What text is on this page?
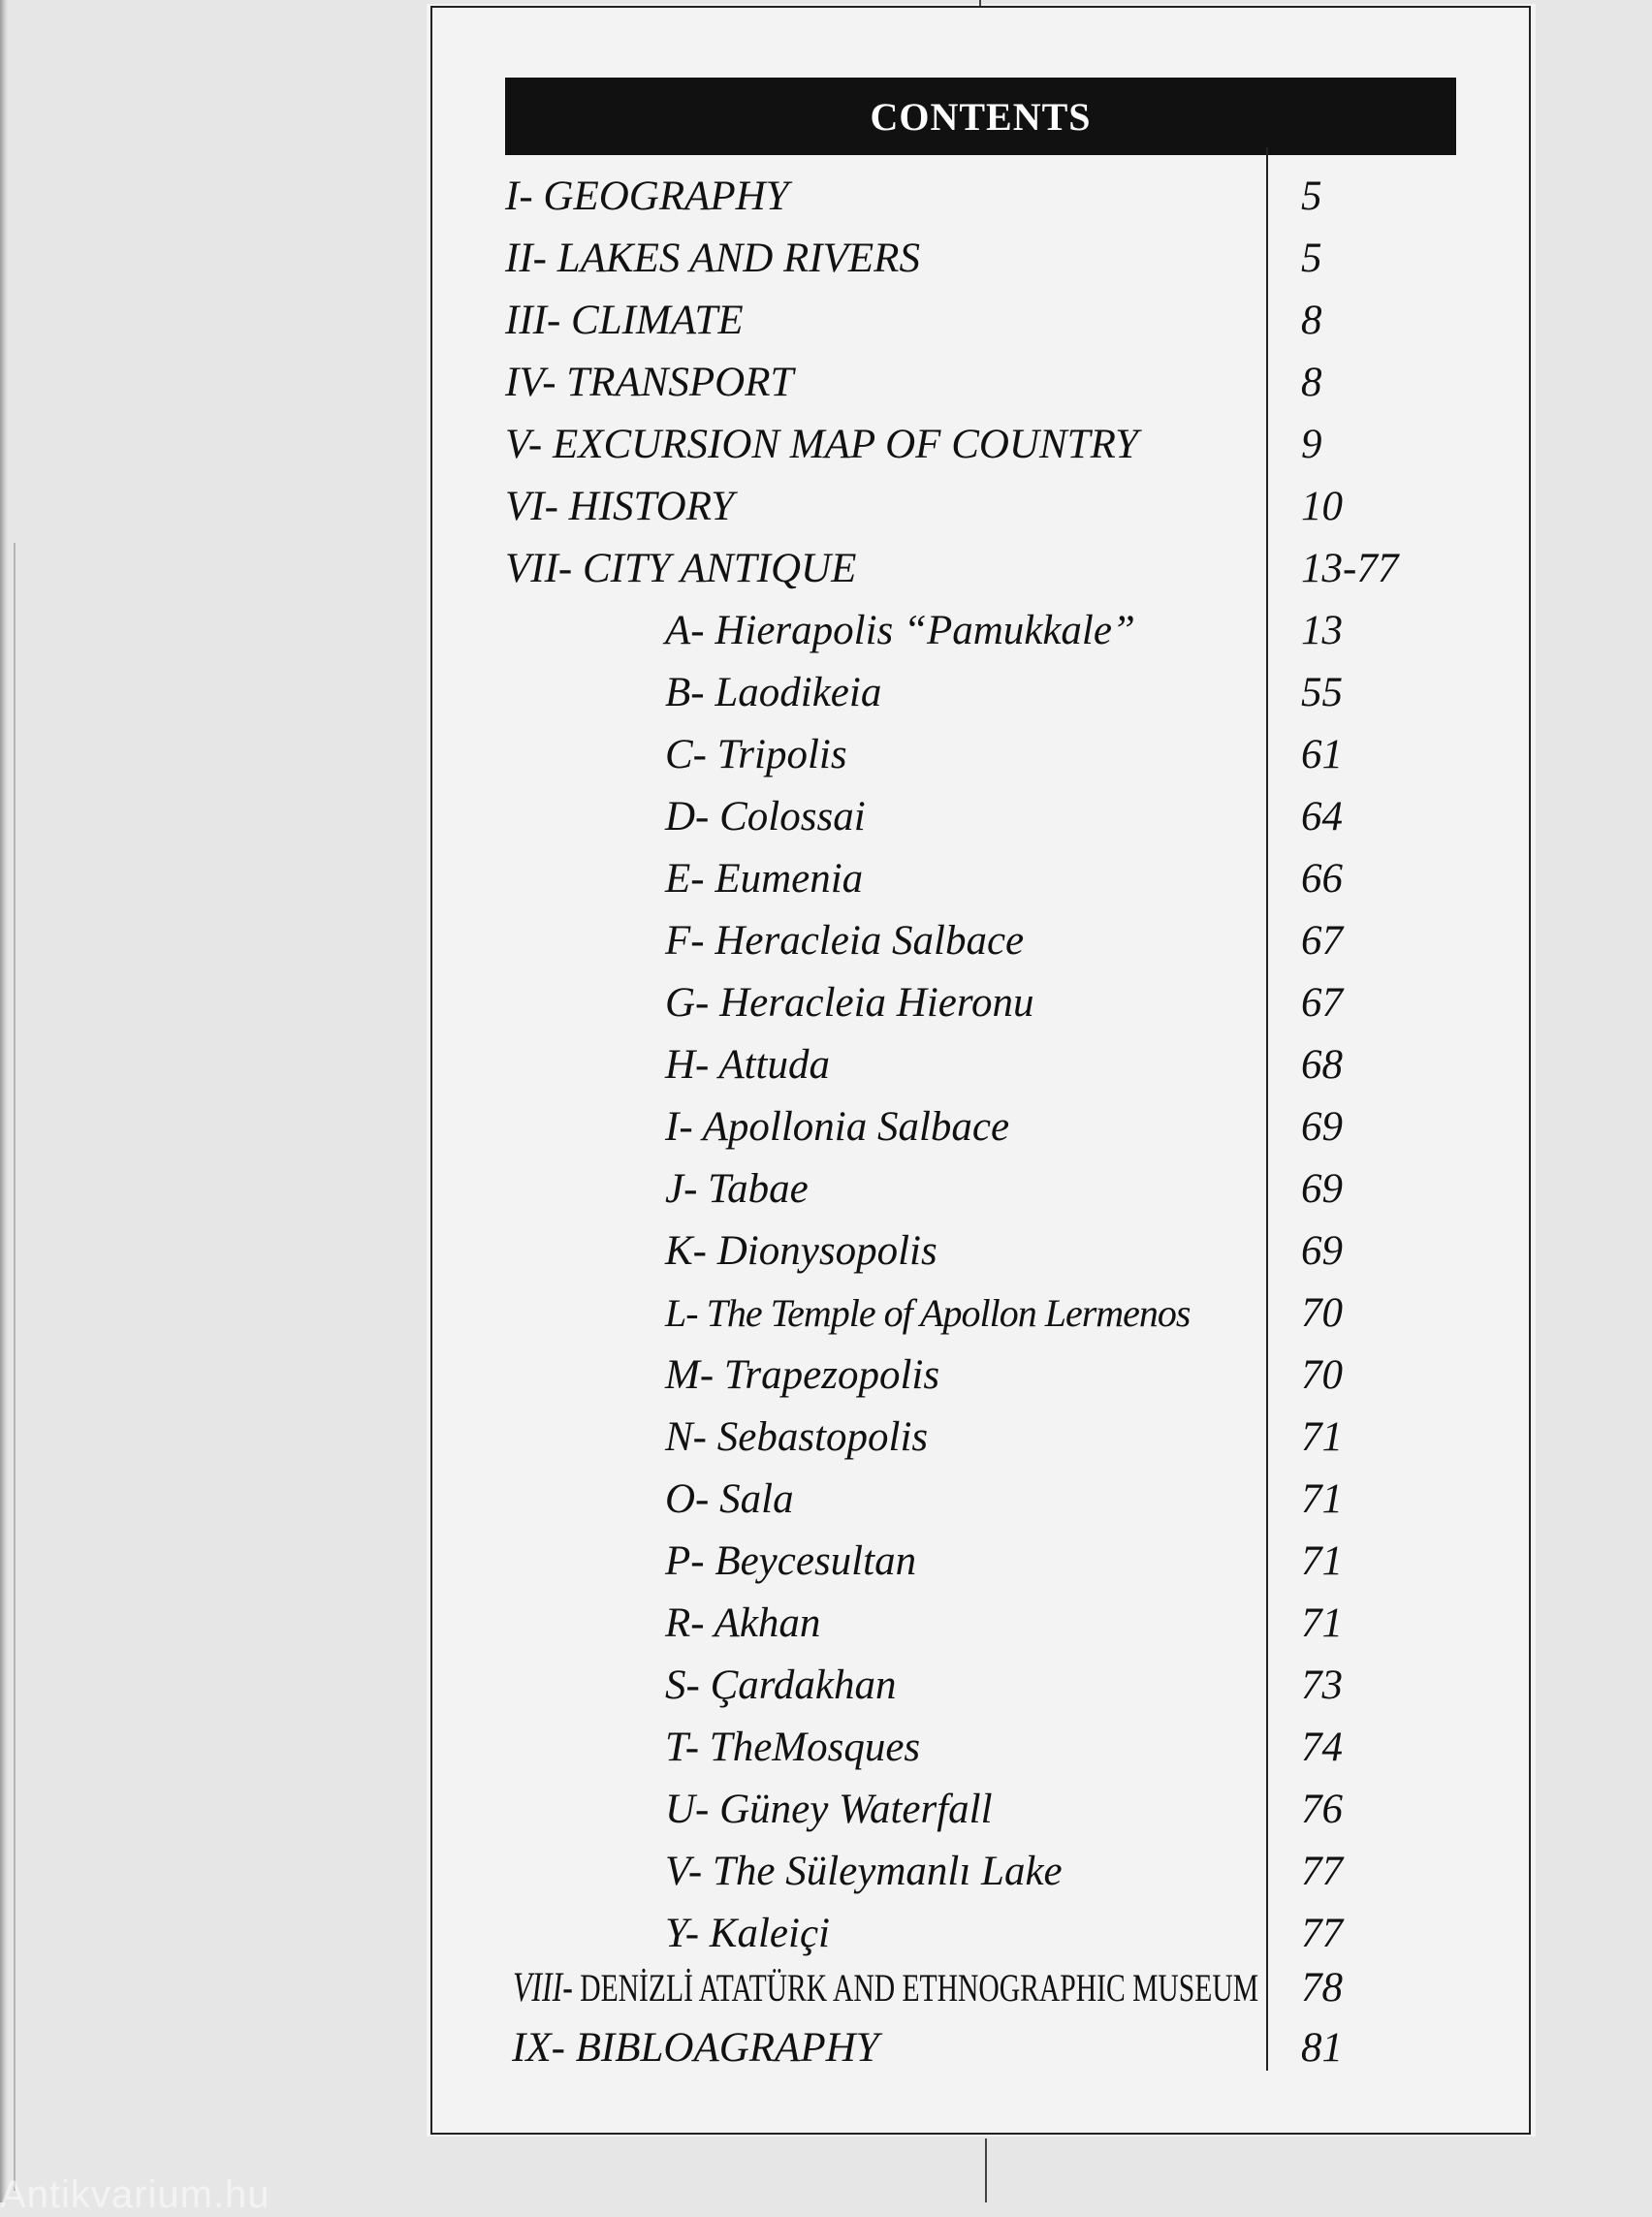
CONTENTS
I- GEOGRAPHY	5
II- LAKES AND RIVERS	5
III- CLIMATE	8
IV- TRANSPORT	8
V- EXCURSION MAP OF COUNTRY	9
VI- HISTORY	10
VII- CITY ANTIQUE	13-77
A- Hierapolis “Pamukkale”	13
B- Laodikeia	55
C- Tripolis	61
D- Colossai	64
E- Eumenia	66
F- Heracleia Salbace	67
G- Heracleia Hieronu	67
H- Attuda	68
I- Apollonia Salbace	69
J- Tabae	69
K- Dionysopolis	69
L- The Temple of Apollon Lermenos	70
M- Trapezopolis	70
N- Sebastopolis	71
O- Sala	71
P- Beycesultan	71
R- Akhan	71
S- Çardakhan	73
T- TheMosques	74
U- Güney Waterfall	76
V- The Süleymanlı Lake	77
Y- Kaleiçi	77
VIII- DENİZLİ ATATÜRK AND ETHNOGRAPHIC MUSEUM 78
IX- BIBLOAGRAPHY	81
Antikvarium.hu
